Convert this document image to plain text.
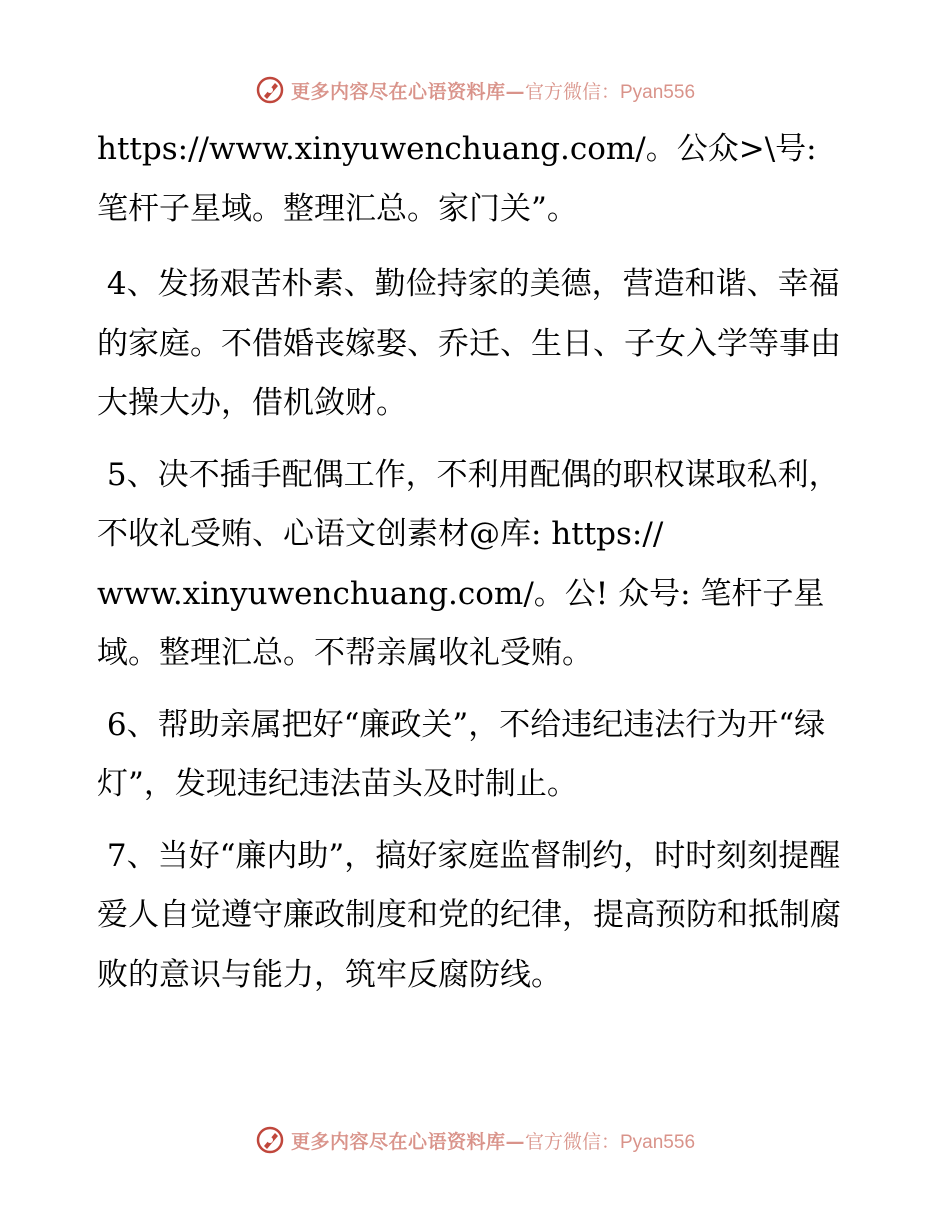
更多内容尽在心语资料库— 官方微信：Pyan556

https://www.xinyuwenchuang.com/。公众>\号:
笔杆子星域。整理汇总。家门关”。

4、发扬艰苦朴素、勤俭持家的美德，营造和谐、幸福的家庭。不借婚丧嫁娶、乔迁、生日、子女入学等事由大操大办，借机敛财。

5、决不插手配偶工作，不利用配偶的职权谋取私利，不收礼受贿、心语文创素材@库: https://
www.xinyuwenchuang.com/。公! 众号: 笔杆子星域。整理汇总。不帮亲属收礼受贿。

6、帮助亲属把好“廉政关”，不给违纪违法行为开“绿灯”，发现违纪违法苗头及时制止。

7、当好“廉内助”，搞好家庭监督制约，时时刻刻提醒爱人自觉遵守廉政制度和党的纪律，提高预防和抵制腐败的意识与能力，筑牢反腐防线。

更多内容尽在心语资料库— 官方微信：Pyan556
